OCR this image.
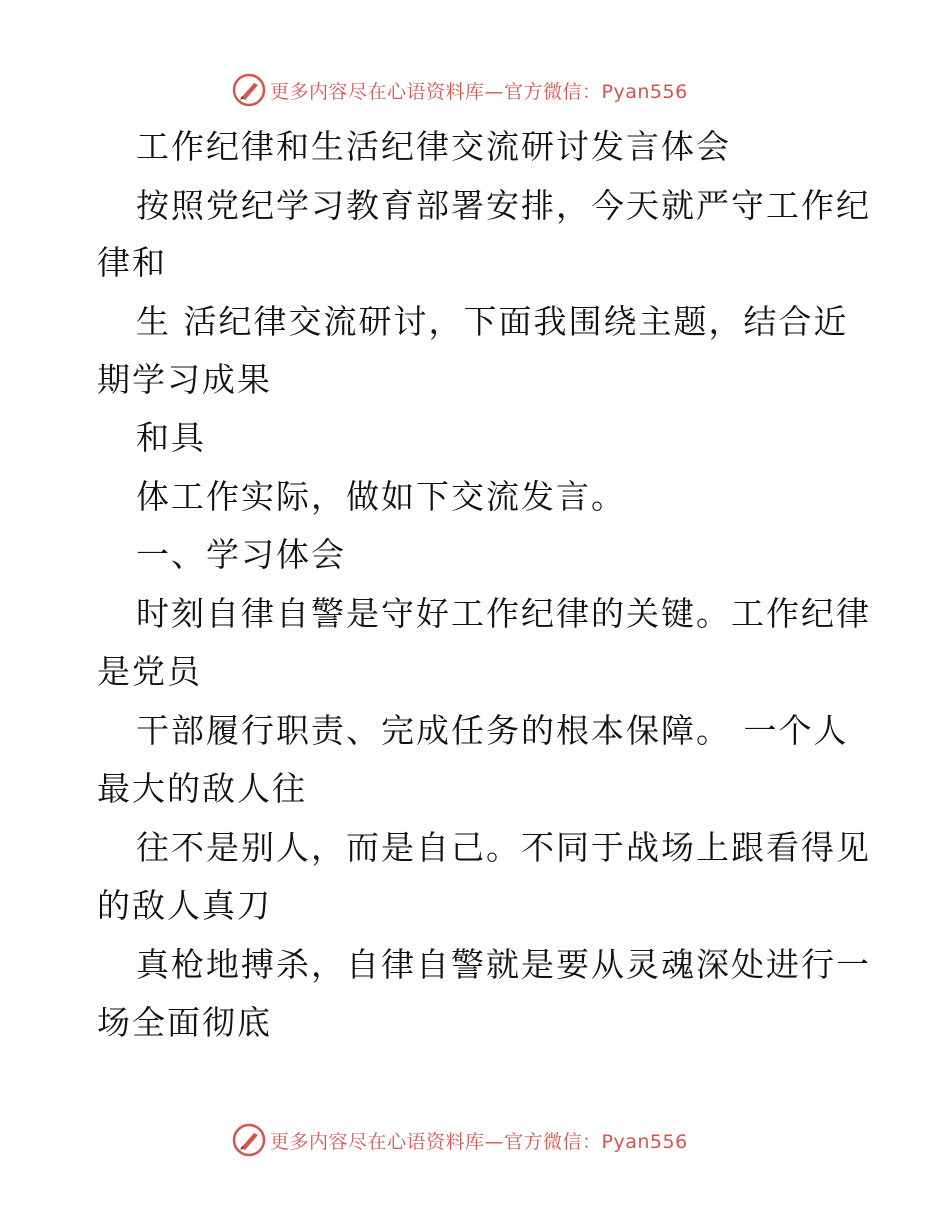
更多内容尽在心语资料库—官方微信：Pyan556
工作纪律和生活纪律交流研讨发言体会
按照党纪学习教育部署安排，今天就严守工作纪
律和
生 活纪律交流研讨，下面我围绕主题，结合近
期学习成果
和具
体工作实际，做如下交流发言。
一、学习体会
时刻自律自警是守好工作纪律的关键。工作纪律
是党员
干部履行职责、完成任务的根本保障。 一个人
最大的敌人往
往不是别人，而是自己。不同于战场上跟看得见
的敌人真刀
真枪地搏杀，自律自警就是要从灵魂深处进行一
场全面彻底
更多内容尽在心语资料库—官方微信：Pyan556
